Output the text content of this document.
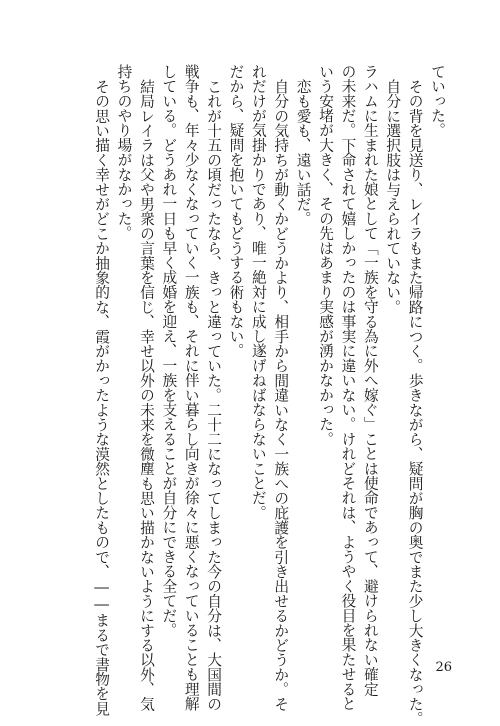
ていった。
その背を見送り、レイラもまた帰路につく。歩きながら、疑問が胸の奥でまた少し大きくなった。
自分に選択肢は与えられていない。
ラハムに生まれた娘として「一族を守る為に外へ嫁ぐ」ことは使命であって、避けられない確定
の未来だ。下命されて嬉しかったのは事実に違いない。けれどそれは、ようやく役目を果たせると
いう安堵が大きく、その先はあまり実感が湧かなかった。
恋も愛も、遠い話だ。
自分の気持ちが動くかどうかより、相手から間違いなく一族への庇護を引き出せるかどうか。そ
れだけが気掛かりであり、唯一絶対に成し遂げねばならないことだ。
だから、疑問を抱いてもどうする術もない。
これが十五の頃だったなら、きっと違っていた。二十二になってしまった今の自分は、大国間の
戦争も、年々少なくなっていく一族も、それに伴い暮らし向きが徐々に悪くなっていることも理解
している。どうあれ一日も早く成婚を迎え、一族を支えることが自分にできる全てだ。
結局レイラは父や男衆の言葉を信じ、幸せ以外の未来を微塵も思い描かないようにする以外、気
持ちのやり場がなかった。
その思い描く幸せがどこか抽象的な、霞がかったような漠然としたもので、――まるで書物を見	26
